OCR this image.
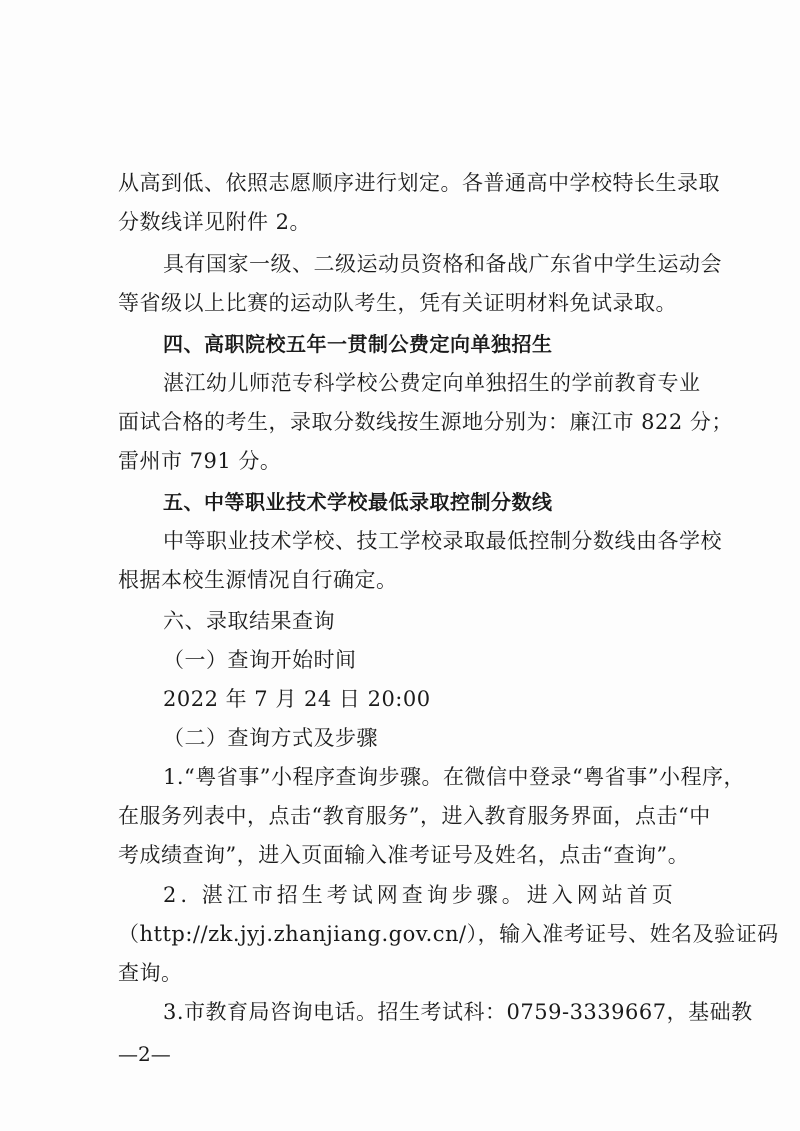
从高到低、依照志愿顺序进行划定。各普通高中学校特长生录取
分数线详见附件 2。
具有国家一级、二级运动员资格和备战广东省中学生运动会
等省级以上比赛的运动队考生，凭有关证明材料免试录取。
四、高职院校五年一贯制公费定向单独招生
湛江幼儿师范专科学校公费定向单独招生的学前教育专业
面试合格的考生，录取分数线按生源地分别为：廉江市 822 分；
雷州市 791 分。
五、中等职业技术学校最低录取控制分数线
中等职业技术学校、技工学校录取最低控制分数线由各学校
根据本校生源情况自行确定。
六、录取结果查询
（一）查询开始时间
2022 年 7 月 24 日 20:00
（二）查询方式及步骤
1.“粤省事”小程序查询步骤。在微信中登录“粤省事”小程序，
在服务列表中，点击“教育服务”，进入教育服务界面，点击“中
考成绩查询”，进入页面输入准考证号及姓名，点击“查询”。
2. 湛江市招生考试网查询步骤。进入网站首页
（http://zk.jyj.zhanjiang.gov.cn/），输入准考证号、姓名及验证码
查询。
3.市教育局咨询电话。招生考试科：0759-3339667，基础教
—2—
